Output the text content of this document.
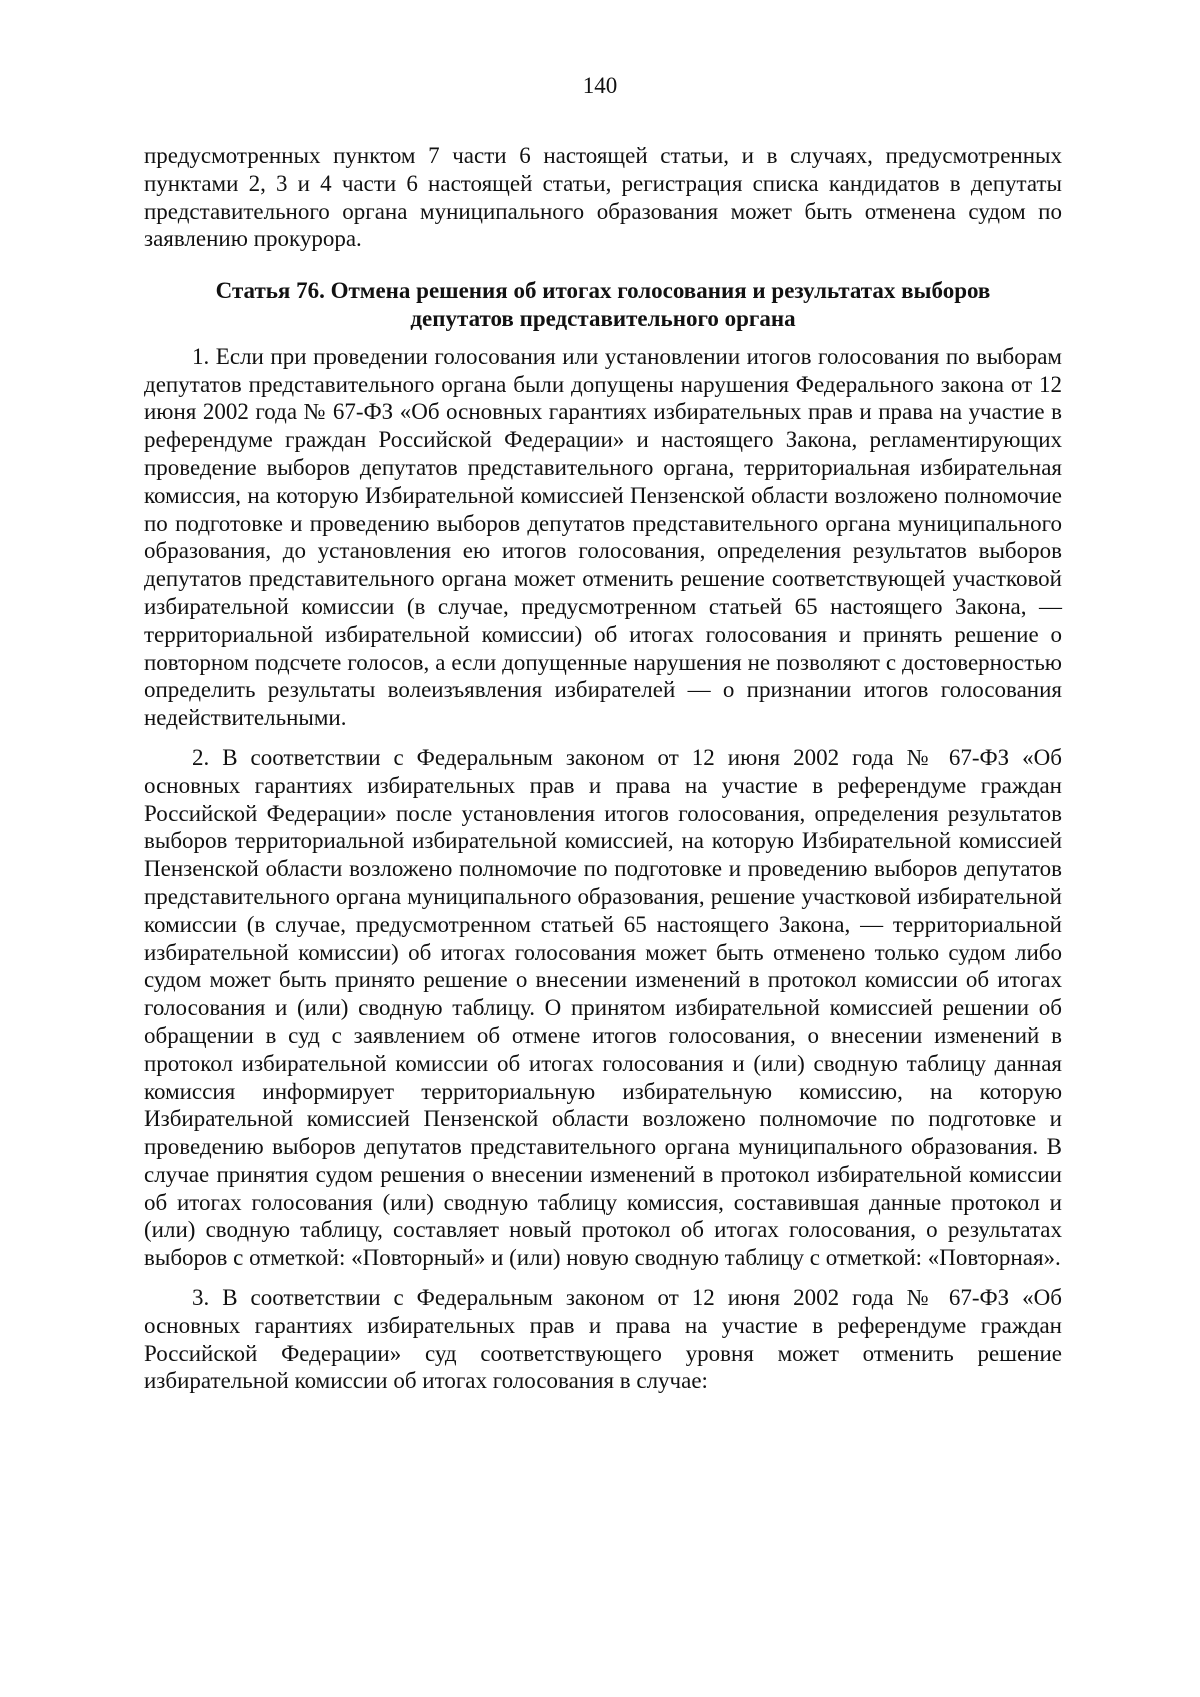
140

предусмотренных пунктом 7 части 6 настоящей статьи, и в случаях, предусмотренных пунктами 2, 3 и 4 части 6 настоящей статьи, регистрация списка кандидатов в депутаты представительного органа муниципального образования может быть отменена судом по заявлению прокурора.

Статья 76. Отмена решения об итогах голосования и результатах выборов
депутатов представительного органа

1. Если при проведении голосования или установлении итогов голосования по выборам депутатов представительного органа были допущены нарушения Федерального закона от 12 июня 2002 года № 67-ФЗ «Об основных гарантиях избирательных прав и права на участие в референдуме граждан Российской Федерации» и настоящего Закона, регламентирующих проведение выборов депутатов представительного органа, территориальная избирательная комиссия, на которую Избирательной комиссией Пензенской области возложено полномочие по подготовке и проведению выборов депутатов представительного органа муниципального образования, до установления ею итогов голосования, определения результатов выборов депутатов представительного органа может отменить решение соответствующей участковой избирательной комиссии (в случае, предусмотренном статьей 65 настоящего Закона, — территориальной избирательной комиссии) об итогах голосования и принять решение о повторном подсчете голосов, а если допущенные нарушения не позволяют с достоверностью определить результаты волеизъявления избирателей — о признании итогов голосования недействительными.

2. В соответствии с Федеральным законом от 12 июня 2002 года № 67-ФЗ «Об основных гарантиях избирательных прав и права на участие в референдуме граждан Российской Федерации» после установления итогов голосования, определения результатов выборов территориальной избирательной комиссией, на которую Избирательной комиссией Пензенской области возложено полномочие по подготовке и проведению выборов депутатов представительного органа муниципального образования, решение участковой избирательной комиссии (в случае, предусмотренном статьей 65 настоящего Закона, — территориальной избирательной комиссии) об итогах голосования может быть отменено только судом либо судом может быть принято решение о внесении изменений в протокол комиссии об итогах голосования и (или) сводную таблицу. О принятом избирательной комиссией решении об обращении в суд с заявлением об отмене итогов голосования, о внесении изменений в протокол избирательной комиссии об итогах голосования и (или) сводную таблицу данная комиссия информирует территориальную избирательную комиссию, на которую Избирательной комиссией Пензенской области возложено полномочие по подготовке и проведению выборов депутатов представительного органа муниципального образования. В случае принятия судом решения о внесении изменений в протокол избирательной комиссии об итогах голосования (или) сводную таблицу комиссия, составившая данные протокол и (или) сводную таблицу, составляет новый протокол об итогах голосования, о результатах выборов с отметкой: «Повторный» и (или) новую сводную таблицу с отметкой: «Повторная».

3. В соответствии с Федеральным законом от 12 июня 2002 года № 67-ФЗ «Об основных гарантиях избирательных прав и права на участие в референдуме граждан Российской Федерации» суд соответствующего уровня может отменить решение избирательной комиссии об итогах голосования в случае:
